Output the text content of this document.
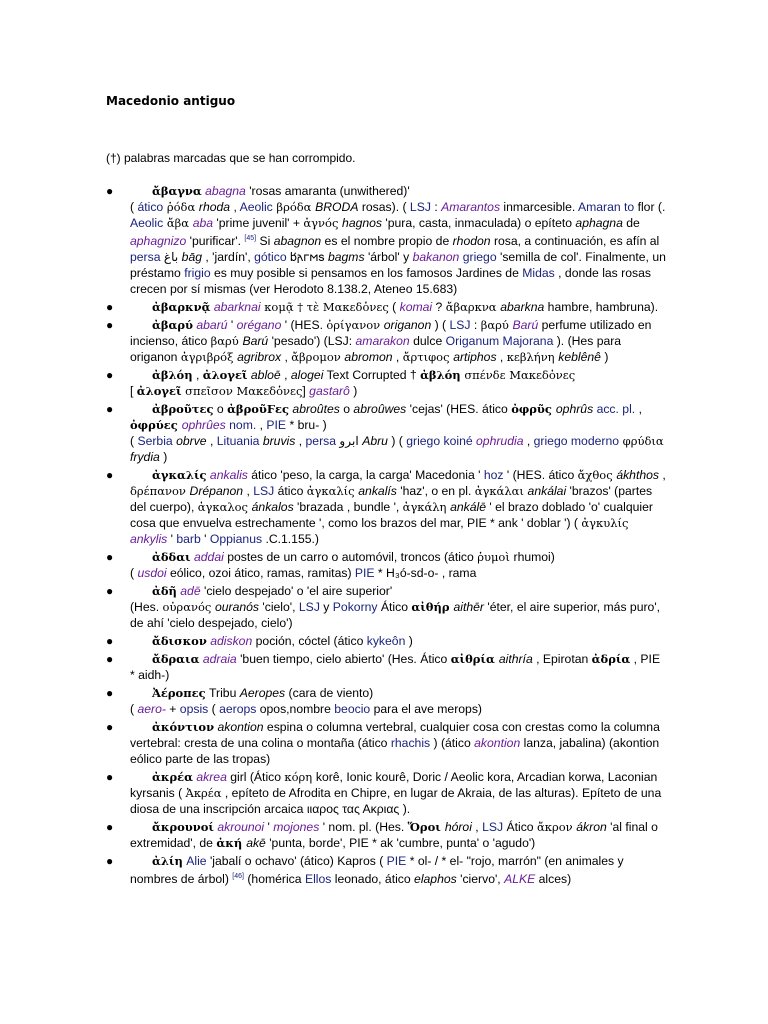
Macedonio antiguo

(†) palabras marcadas que se han corrompido.

●	ἄβαγνα abagna 'rosas amaranta (unwithered)'
( ático ῥόδα rhoda , Aeolic βρόδα BRODA rosas). ( LSJ : Amarantos inmarcesible. Amaran to flor (. Aeolic ἄβα aba 'prime juvenil' + ἁγνός hagnos 'pura, casta, inmaculada) o epíteto aphagna de aphagnizo 'purificar'. [45] Si abagnon es el nombre propio de rhodon rosa, a continuación, es afín al persa باغ bāg , 'jardín', gótico 𐌱𐌰𐌲𐌼𐍃 bagms 'árbol' y bakanon griego 'semilla de col'. Finalmente, un préstamo frigio es muy posible si pensamos en los famosos Jardines de Midas , donde las rosas crecen por sí mismas (ver Herodoto 8.138.2, Ateneo 15.683)
●	ἀβαρκνᾷ abarknai κομᾷ † τὲ Μακεδὁνες ( komai ? ἄβαρκνα abarkna hambre, hambruna).
●	ἀβαρύ abarú ' orégano ' (HES. ὀρίγανον origanon ) ( LSJ : βαρύ Barú perfume utilizado en incienso, ático βαρύ Barú 'pesado') (LSJ: amarakon dulce Origanum Majorana ). (Hes para origanon ἀγριβρόξ agribrox , ἄβρομον abromon , ἄρτιφος artiphos , κεβλήνη keblênê )
●	ἀβλόη , ἀλογεῖ abloē , alogei Text Corrupted † ἀβλόη σπένδε Μακεδὁνες
[ ἀλογεῖ σπεῖσον Μακεδὁνες] gastarô )
●	ἀβροῦτες o ἀβροῦϜες abroûtes o abroûwes 'cejas' (HES. ático ὀφρῦς ophrûs acc. pl. , ὀφρύες ophrûes nom. , PIE * bru- )
( Serbia obrve , Lituania bruvis , persa ابرو Abru ) ( griego koiné ophrudia , griego moderno φρύδια frydia )
●	ἀγκαλίς ankalis ático 'peso, la carga, la carga' Macedonia ' hoz ' (HES. ático ἄχθος ákhthos , δρέπανον Drépanon , LSJ ático ἀγκαλίς ankalís 'haz', o en pl. ἀγκάλαι ankálai 'brazos' (partes del cuerpo), ἀγκαλος ánkalos 'brazada , bundle ', ἀγκάλη ankálē ' el brazo doblado 'o' cualquier cosa que envuelva estrechamente ', como los brazos del mar, PIE * ank ' doblar ') ( ἀγκυλίς ankylis ' barb ' Oppianus .C.1.155.)
●	ἀδδαι addai postes de un carro o automóvil, troncos (ático ῥυμοὶ rhumoi)
( usdoi eólico, ozoi ático, ramas, ramitas) PIE * H₃ó-sd-o- , rama
●	ἀδῆ adē 'cielo despejado' o 'el aire superior'
(Hes. οὐρανός ouranós 'cielo', LSJ y Pokorny Ático αἰθήρ aithēr 'éter, el aire superior, más puro', de ahí 'cielo despejado, cielo')
●	ἄδισκον adiskon poción, cóctel (ático kykeôn )
●	ἄδραια adraia 'buen tiempo, cielo abierto' (Hes. Ático αἰθρία aithría , Epirotan ἀδρία , PIE * aidh-)
●	Ἀέροπες Tribu Aeropes (cara de viento)
( aero- + opsis ( aerops opos,nombre beocio para el ave merops)
●	ἀκόντιον akontion espina o columna vertebral, cualquier cosa con crestas como la columna vertebral: cresta de una colina o montaña (ático rhachis ) (ático akontion lanza, jabalina) (akontion eólico parte de las tropas)
●	ἀκρέα akrea girl (Ático κόρη korê, Ionic kourê, Doric / Aeolic kora, Arcadian korwa, Laconian kyrsanis ( Ἀκρέα , epíteto de Afrodita en Chipre, en lugar de Akraia, de las alturas). Epíteto de una diosa de una inscripción arcaica ιιαρος τας Ακριας ).
●	ἄκρουνοί akrounoi ' mojones ' nom. pl. (Hes. Ὅροι hóroi , LSJ Ático ἄκρον ákron 'al final o extremidad', de ἀκή akē 'punta, borde', PIE * ak 'cumbre, punta' o 'agudo')
●	ἀλίη Alie 'jabalí o ochavo' (ático) Kapros ( PIE * ol- / * el- "rojo, marrón" (en animales y nombres de árbol) [46] (homérica Ellos leonado, ático elaphos 'ciervo', ALKE alces)
